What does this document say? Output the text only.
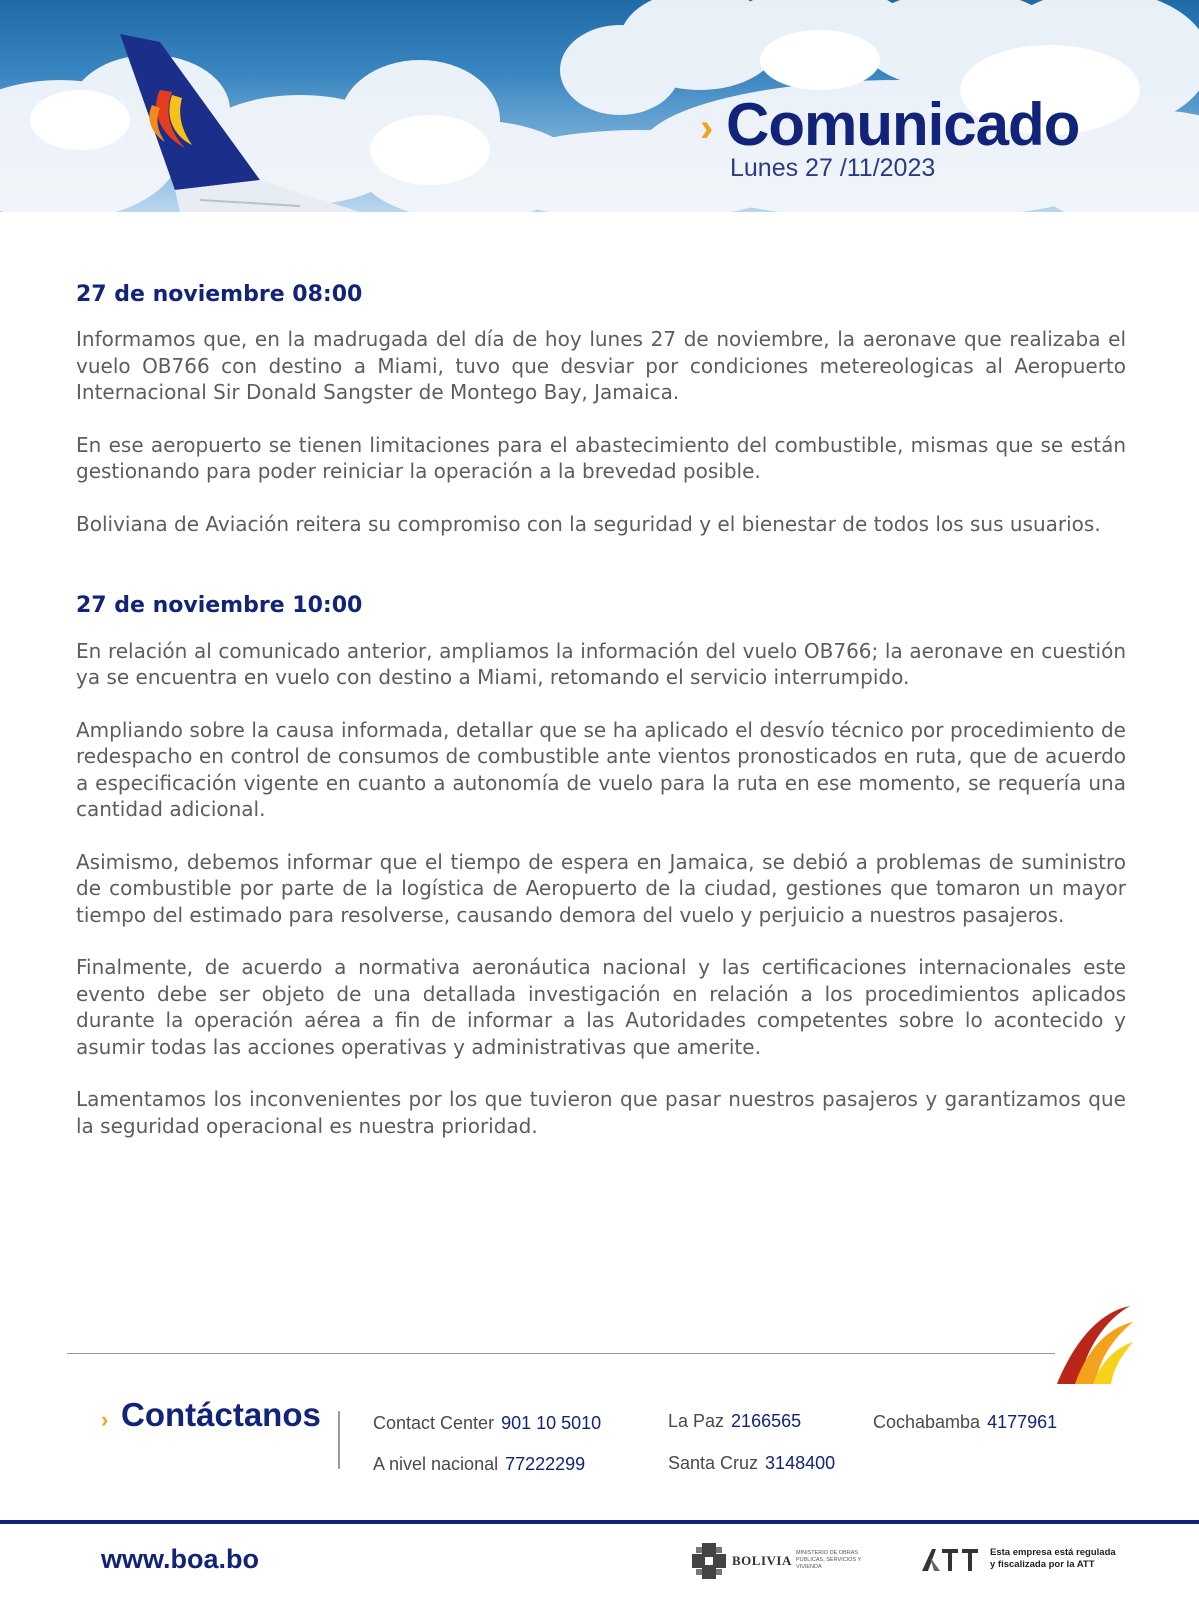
› Comunicado
Lunes 27 /11/2023
27 de noviembre 08:00

Informamos que, en la madrugada del día de hoy lunes 27 de noviembre, la aeronave que realizaba el vuelo OB766 con destino a Miami, tuvo que desviar por condiciones metereologicas al Aeropuerto Internacional Sir Donald Sangster de Montego Bay, Jamaica.

En ese aeropuerto se tienen limitaciones para el abastecimiento del combustible, mismas que se están gestionando para poder reiniciar la operación a la brevedad posible.

Boliviana de Aviación reitera su compromiso con la seguridad y el bienestar de todos los sus usuarios.

27 de noviembre 10:00

En relación al comunicado anterior, ampliamos la información del vuelo OB766; la aeronave en cuestión ya se encuentra en vuelo con destino a Miami, retomando el servicio interrumpido.

Ampliando sobre la causa informada, detallar que se ha aplicado el desvío técnico por procedimiento de redespacho en control de consumos de combustible ante vientos pronosticados en ruta, que de acuerdo a especificación vigente en cuanto a autonomía de vuelo para la ruta en ese momento, se requería una cantidad adicional.

Asimismo, debemos informar que el tiempo de espera en Jamaica, se debió a problemas de suministro de combustible por parte de la logística de Aeropuerto de la ciudad, gestiones que tomaron un mayor tiempo del estimado para resolverse, causando demora del vuelo y perjuicio a nuestros pasajeros.

Finalmente, de acuerdo a normativa aeronáutica nacional y las certificaciones internacionales este evento debe ser objeto de una detallada investigación en relación a los procedimientos aplicados durante la operación aérea a fin de informar a las Autoridades competentes sobre lo acontecido y asumir todas las acciones operativas y administrativas que amerite.

Lamentamos los inconvenientes por los que tuvieron que pasar nuestros pasajeros y garantizamos que la seguridad operacional es nuestra prioridad.

› Contáctanos	Contact Center 901 10 5010
A nivel nacional 77222299
La Paz 2166565
Santa Cruz 3148400
Cochabamba 4177961
www.boa.bo	BOLIVIA MINISTERIO DE OBRAS PÚBLICAS, SERVICIOS Y VIVIENDA
Esta empresa está regulada y fiscalizada por la ATT
